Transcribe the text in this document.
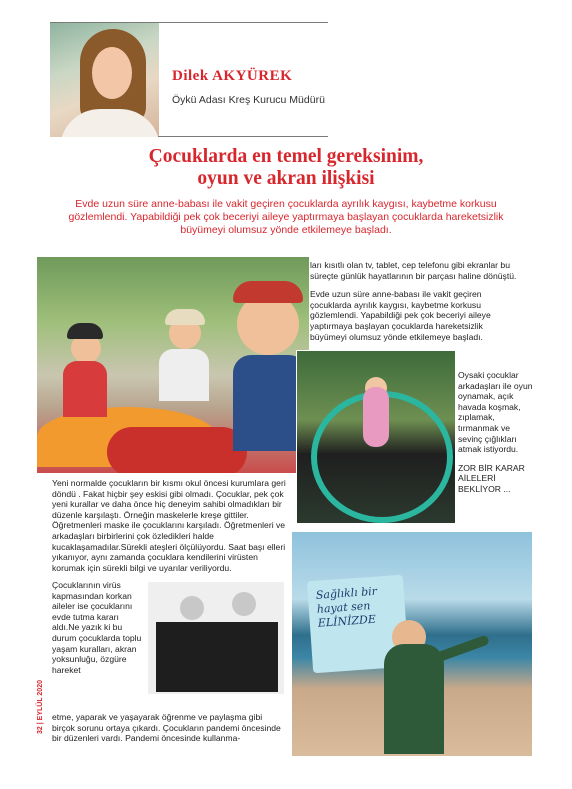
Dilek AKYÜREK
Öykü Adası Kreş Kurucu Müdürü
Çocuklarda en temel gereksinim,
oyun ve akran ilişkisi
Evde uzun süre anne-babası ile vakit geçiren çocuklarda ayrılık kaygısı, kaybetme korkusu gözlemlendi. Yapabildiği pek çok beceriyi aileye yaptırmaya başlayan çocuklarda hareketsizlik büyümeyi olumsuz yönde etkilemeye başladı.
Sağlıklı bir hayat sen ELİNİZDE

ları kısıtlı olan tv, tablet, cep telefonu gibi ekranlar bu süreçte günlük hayatlarının bir parçası haline dönüştü.

Evde uzun süre anne-babası ile vakit geçiren çocuklarda ayrılık kaygısı, kaybetme korkusu gözlemlendi. Yapabildiği pek çok beceriyi aileye yaptırmaya başlayan çocuklarda hareketsizlik büyümeyi olumsuz yönde etkilemeye başladı.

Oysaki çocuklar arkadaşları ile oyun oynamak, açık havada koşmak, zıplamak, tırmanmak ve sevinç çığlıkları atmak istiyordu.

ZOR BİR KARAR AİLELERİ BEKLİYOR ...

Yeni normalde çocukların bir kısmı okul öncesi kurumlara geri döndü . Fakat hiçbir şey eskisi gibi olmadı. Çocuklar, pek çok yeni kurallar ve daha önce hiç deneyim sahibi olmadıkları bir düzenle karşılaştı. Örneğin maskelerle kreşe gittiler. Öğretmenleri maske ile çocuklarını karşıladı. Öğretmenleri ve arkadaşları birbirlerini çok özledikleri halde kucaklaşamadılar.Sürekli ateşleri ölçülüyordu. Saat başı elleri yıkanıyor, aynı zamanda çocuklara kendilerini virüsten korumak için sürekli bilgi ve uyarılar veriliyordu.

Çocuklarının virüs kapmasından korkan aileler ise çocuklarını evde tutma kararı aldı.Ne yazık ki bu durum çocuklarda toplu yaşam kuralları, akran yoksunluğu, özgüre hareket

etme, yaparak ve yaşayarak öğrenme ve paylaşma gibi birçok sorunu ortaya çıkardı. Çocukların pandemi öncesinde bir düzenleri vardı. Pandemi öncesinde kullanma-

32 | EYLÜL 2020
